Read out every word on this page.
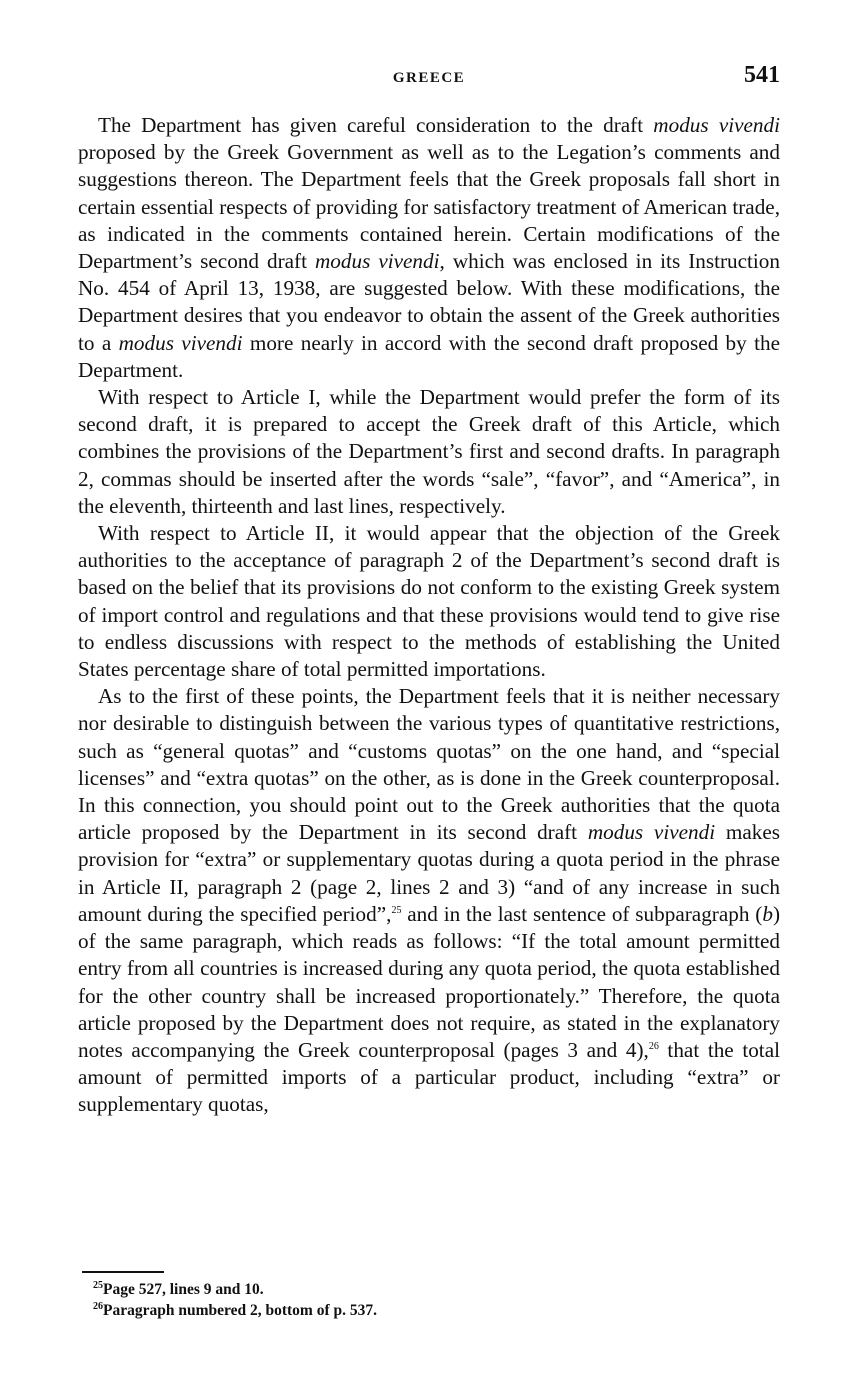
GREECE	541

The Department has given careful consideration to the draft modus vivendi proposed by the Greek Government as well as to the Legation’s comments and suggestions thereon. The Department feels that the Greek proposals fall short in certain essential respects of providing for satisfactory treatment of American trade, as indicated in the comments contained herein. Certain modifications of the Department’s second draft modus vivendi, which was enclosed in its Instruction No. 454 of April 13, 1938, are suggested below. With these modifications, the Department desires that you endeavor to obtain the assent of the Greek authorities to a modus vivendi more nearly in accord with the second draft proposed by the Department.

With respect to Article I, while the Department would prefer the form of its second draft, it is prepared to accept the Greek draft of this Article, which combines the provisions of the Department’s first and second drafts. In paragraph 2, commas should be inserted after the words “sale”, “favor”, and “America”, in the eleventh, thirteenth and last lines, respectively.

With respect to Article II, it would appear that the objection of the Greek authorities to the acceptance of paragraph 2 of the Department’s second draft is based on the belief that its provisions do not conform to the existing Greek system of import control and regulations and that these provisions would tend to give rise to endless discussions with respect to the methods of establishing the United States percentage share of total permitted importations.

As to the first of these points, the Department feels that it is neither necessary nor desirable to distinguish between the various types of quantitative restrictions, such as “general quotas” and “customs quotas” on the one hand, and “special licenses” and “extra quotas” on the other, as is done in the Greek counterproposal. In this connection, you should point out to the Greek authorities that the quota article proposed by the Department in its second draft modus vivendi makes provision for “extra” or supplementary quotas during a quota period in the phrase in Article II, paragraph 2 (page 2, lines 2 and 3) “and of any increase in such amount during the specified period”,$^{25}$ and in the last sentence of subparagraph (b) of the same paragraph, which reads as follows: “If the total amount permitted entry from all countries is increased during any quota period, the quota established for the other country shall be increased proportionately.” Therefore, the quota article proposed by the Department does not require, as stated in the explanatory notes accompanying the Greek counterproposal (pages 3 and 4),$^{26}$ that the total amount of permitted imports of a particular product, including “extra” or supplementary quotas,

$^{25}$Page 527, lines 9 and 10.

$^{26}$Paragraph numbered 2, bottom of p. 537.
